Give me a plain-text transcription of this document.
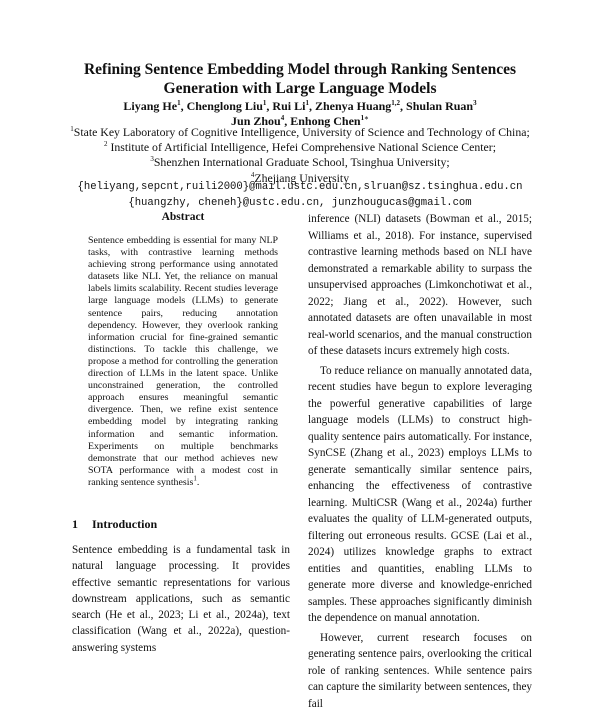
Refining Sentence Embedding Model through Ranking Sentences
Generation with Large Language Models
Liyang He$^1$, Chenglong Liu$^1$, Rui Li$^1$, Zhenya Huang$^{1,2}$, Shulan Ruan$^3$
Jun Zhou$^4$, Enhong Chen$^{1∗}$
$^1$State Key Laboratory of Cognitive Intelligence, University of Science and Technology of China;
$^2$ Institute of Artificial Intelligence, Hefei Comprehensive National Science Center;
$^3$Shenzhen International Graduate School, Tsinghua University;
$^4$Zhejiang University
{heliyang,sepcnt,ruili2000}@mail.ustc.edu.cn,slruan@sz.tsinghua.edu.cn
{huangzhy, cheneh}@ustc.edu.cn, junzhougucas@gmail.com
Abstract
Sentence embedding is essential for many NLP tasks, with contrastive learning methods achieving strong performance using annotated datasets like NLI. Yet, the reliance on manual labels limits scalability. Recent studies leverage large language models (LLMs) to generate sentence pairs, reducing annotation dependency. However, they overlook ranking information crucial for fine-grained semantic distinctions. To tackle this challenge, we propose a method for controlling the generation direction of LLMs in the latent space. Unlike unconstrained generation, the controlled approach ensures meaningful semantic divergence. Then, we refine exist sentence embedding model by integrating ranking information and semantic information. Experiments on multiple benchmarks demonstrate that our method achieves new SOTA performance with a modest cost in ranking sentence synthesis$^1$.
1 Introduction
Sentence embedding is a fundamental task in natural language processing. It provides effective semantic representations for various downstream applications, such as semantic search (He et al., 2023; Li et al., 2024a), text classification (Wang et al., 2022a), question-answering systems

inference (NLI) datasets (Bowman et al., 2015; Williams et al., 2018). For instance, supervised contrastive learning methods based on NLI have demonstrated a remarkable ability to surpass the unsupervised approaches (Limkonchotiwat et al., 2022; Jiang et al., 2022). However, such annotated datasets are often unavailable in most real-world scenarios, and the manual construction of these datasets incurs extremely high costs.

To reduce reliance on manually annotated data, recent studies have begun to explore leveraging the powerful generative capabilities of large language models (LLMs) to construct high-quality sentence pairs automatically. For instance, SynCSE (Zhang et al., 2023) employs LLMs to generate semantically similar sentence pairs, enhancing the effectiveness of contrastive learning. MultiCSR (Wang et al., 2024a) further evaluates the quality of LLM-generated outputs, filtering out erroneous results. GCSE (Lai et al., 2024) utilizes knowledge graphs to extract entities and quantities, enabling LLMs to generate more diverse and knowledge-enriched samples. These approaches significantly diminish the dependence on manual annotation.

However, current research focuses on generating sentence pairs, overlooking the critical role of ranking sentences. While sentence pairs can capture the similarity between sentences, they fail
